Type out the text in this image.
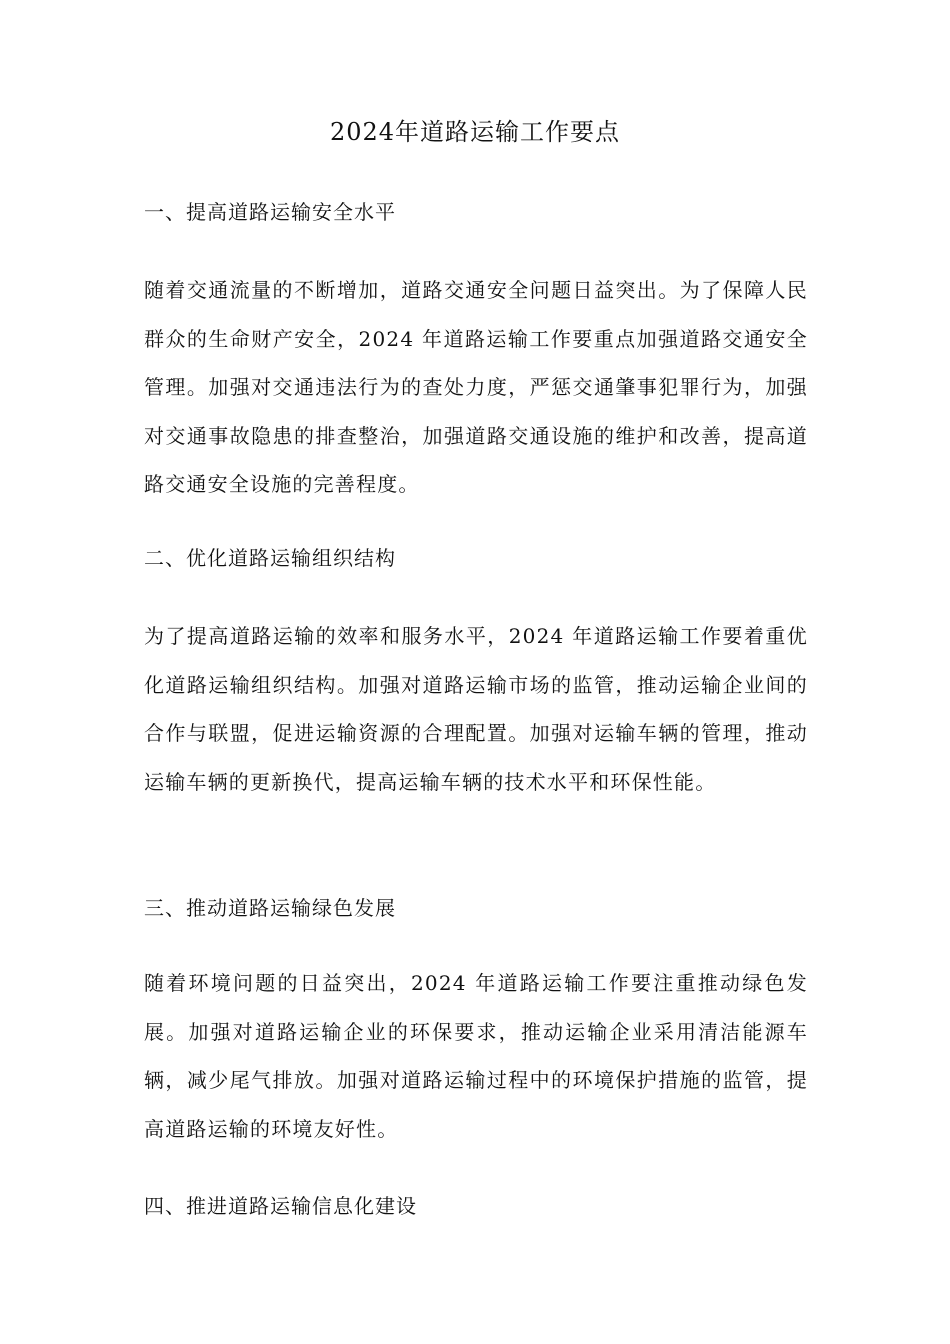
2024年道路运输工作要点
一、提高道路运输安全水平

随着交通流量的不断增加，道路交通安全问题日益突出。为了保障人民群众的生命财产安全，2024 年道路运输工作要重点加强道路交通安全管理。加强对交通违法行为的查处力度，严惩交通肇事犯罪行为，加强对交通事故隐患的排查整治，加强道路交通设施的维护和改善，提高道路交通安全设施的完善程度。

二、优化道路运输组织结构

为了提高道路运输的效率和服务水平，2024 年道路运输工作要着重优化道路运输组织结构。加强对道路运输市场的监管，推动运输企业间的合作与联盟，促进运输资源的合理配置。加强对运输车辆的管理，推动运输车辆的更新换代，提高运输车辆的技术水平和环保性能。

三、推动道路运输绿色发展

随着环境问题的日益突出，2024 年道路运输工作要注重推动绿色发展。加强对道路运输企业的环保要求，推动运输企业采用清洁能源车辆，减少尾气排放。加强对道路运输过程中的环境保护措施的监管，提高道路运输的环境友好性。

四、推进道路运输信息化建设
